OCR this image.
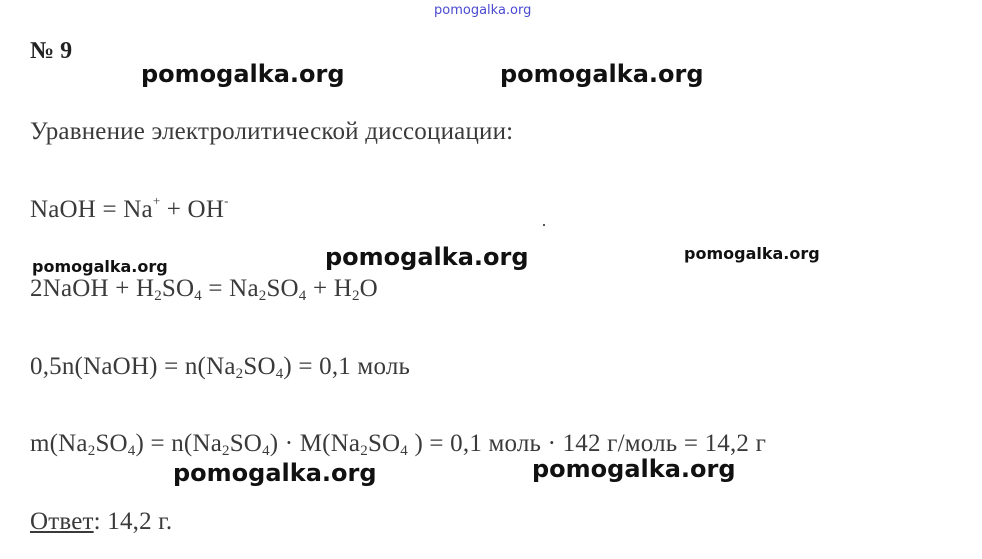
pomogalka.org
№ 9
pomogalka.org	pomogalka.org
Уравнение электролитической диссоциации:
NaOH = Na+ + OH-
pomogalka.org	pomogalka.org	pomogalka.org
2NaOH + $H_2SO_4 = Na_2SO_4 + H_2O$
0,5n(NaOH) = $n(Na_2SO_4) = 0,1$ моль
$m(Na_2SO_4) = n(Na_2SO_4) \cdot M(Na_2SO_4$ ) = 0,1 моль · 142 г/моль = 14,2 г
pomogalka.org	pomogalka.org
Ответ: 14,2 г.
